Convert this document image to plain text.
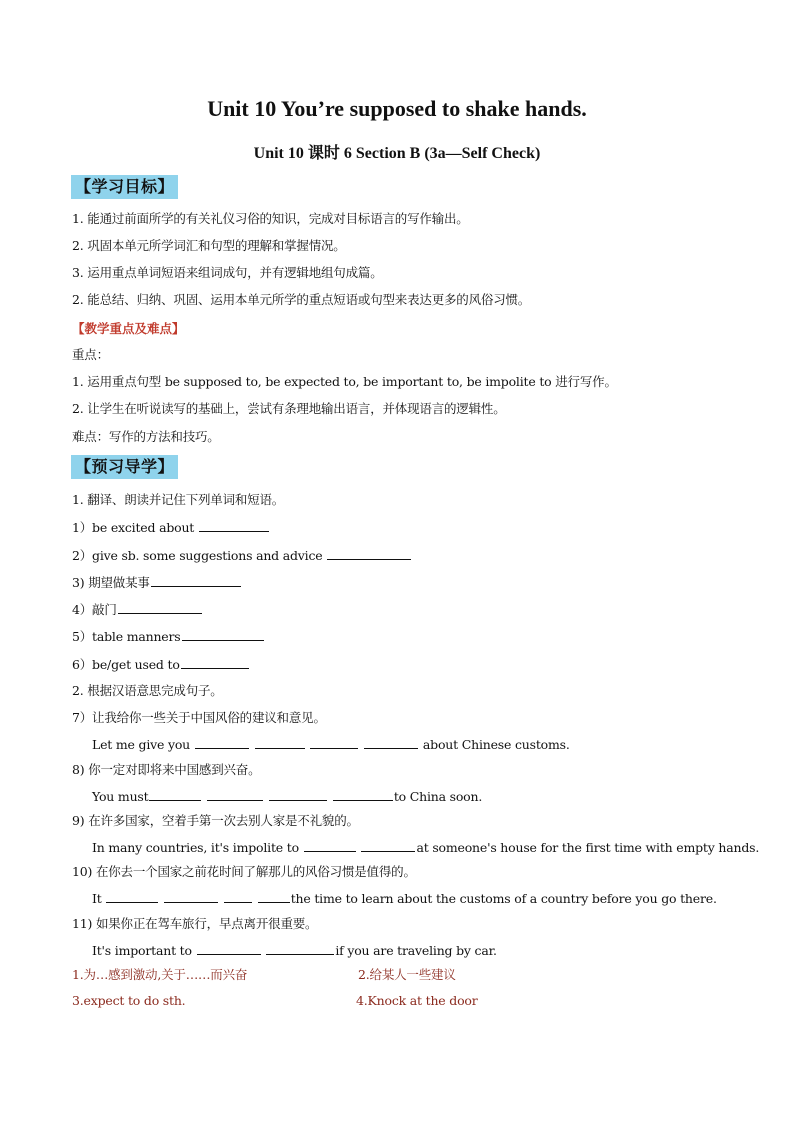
Unit 10 You’re supposed to shake hands.
Unit 10 课时 6 Section B (3a—Self Check)
【学习目标】
1. 能通过前面所学的有关礼仪习俗的知识，完成对目标语言的写作输出。
2. 巩固本单元所学词汇和句型的理解和掌握情况。
3. 运用重点单词短语来组词成句，并有逻辑地组句成篇。
2. 能总结、归纳、巩固、运用本单元所学的重点短语或句型来表达更多的风俗习惯。
【教学重点及难点】
重点：
1. 运用重点句型 be supposed to, be expected to, be important to, be impolite to 进行写作。
2. 让学生在听说读写的基础上，尝试有条理地输出语言，并体现语言的逻辑性。
难点：写作的方法和技巧。
【预习导学】
1. 翻译、朗读并记住下列单词和短语。
1）be excited about
2）give sb. some suggestions and advice
3) 期望做某事
4）敲门
5）table manners
6）be/get used to
2. 根据汉语意思完成句子。
7）让我给你一些关于中国风俗的建议和意见。
Let me give you	about Chinese customs.
8) 你一定对即将来中国感到兴奋。
You must	to China soon.
9) 在许多国家，空着手第一次去别人家是不礼貌的。
In many countries, it's impolite to	at someone's house for the first time with empty hands.
10) 在你去一个国家之前花时间了解那儿的风俗习惯是值得的。
It	the time to learn about the customs of a country before you go there.
11) 如果你正在驾车旅行，早点离开很重要。
It's important to	if you are traveling by car.
1.为…感到激动,关于……而兴奋	2.给某人一些建议
3.expect to do sth.	4.Knock at the door
